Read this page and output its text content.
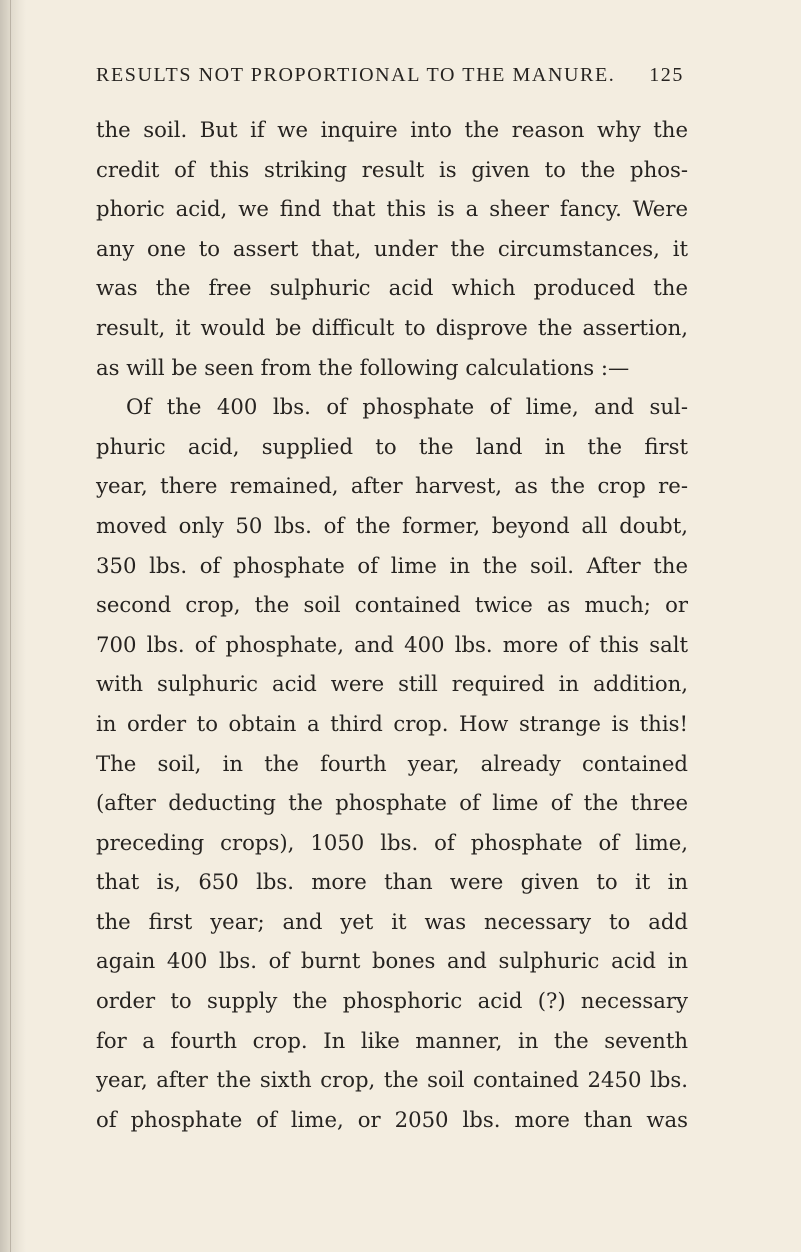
RESULTS NOT PROPORTIONAL TO THE MANURE. 125
the soil. But if we inquire into the reason why the
credit of this striking result is given to the phos-
phoric acid, we find that this is a sheer fancy. Were
any one to assert that, under the circumstances, it
was the free sulphuric acid which produced the
result, it would be difficult to disprove the assertion,
as will be seen from the following calculations :—
Of the 400 lbs. of phosphate of lime, and sul-
phuric acid, supplied to the land in the first
year, there remained, after harvest, as the crop re-
moved only 50 lbs. of the former, beyond all doubt,
350 lbs. of phosphate of lime in the soil. After the
second crop, the soil contained twice as much; or
700 lbs. of phosphate, and 400 lbs. more of this salt
with sulphuric acid were still required in addition,
in order to obtain a third crop. How strange is this!
The soil, in the fourth year, already contained
(after deducting the phosphate of lime of the three
preceding crops), 1050 lbs. of phosphate of lime,
that is, 650 lbs. more than were given to it in
the first year; and yet it was necessary to add
again 400 lbs. of burnt bones and sulphuric acid in
order to supply the phosphoric acid (?) necessary
for a fourth crop. In like manner, in the seventh
year, after the sixth crop, the soil contained 2450 lbs.
of phosphate of lime, or 2050 lbs. more than was
